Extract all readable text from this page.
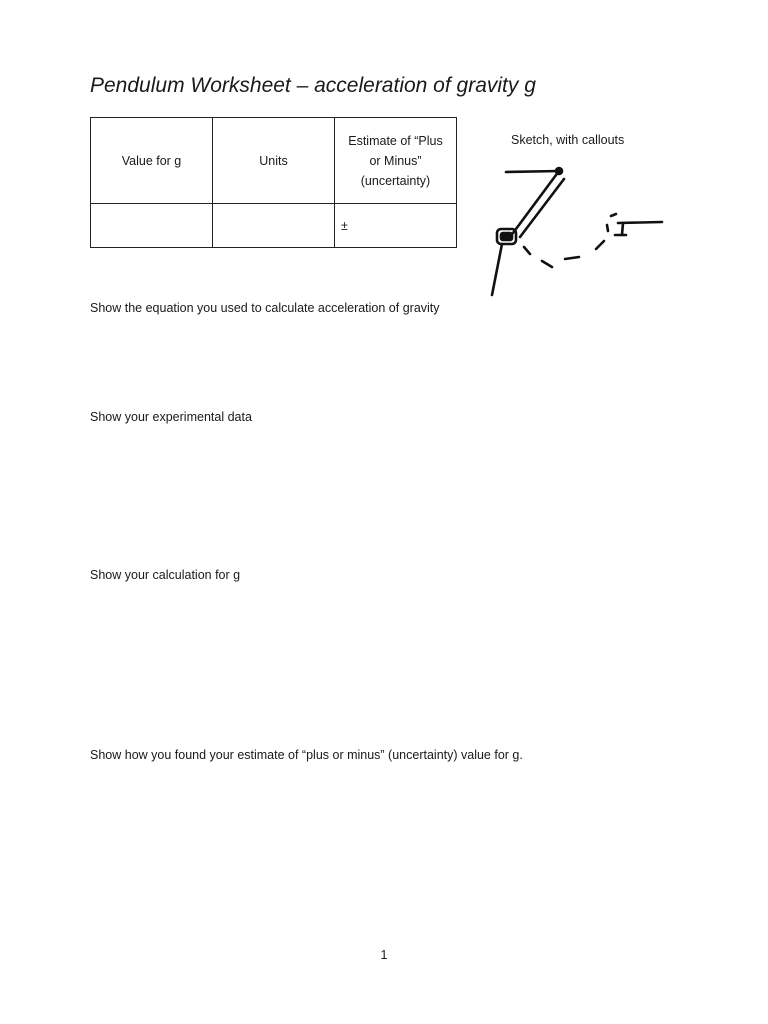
Pendulum Worksheet – acceleration of gravity g
Value for g	Units	Estimate of “Plus or Minus” (uncertainty)
		±
Sketch, with callouts
Show the equation you used to calculate acceleration of gravity
Show your experimental data
Show your calculation for g
Show how you found your estimate of “plus or minus” (uncertainty) value for g.
1
